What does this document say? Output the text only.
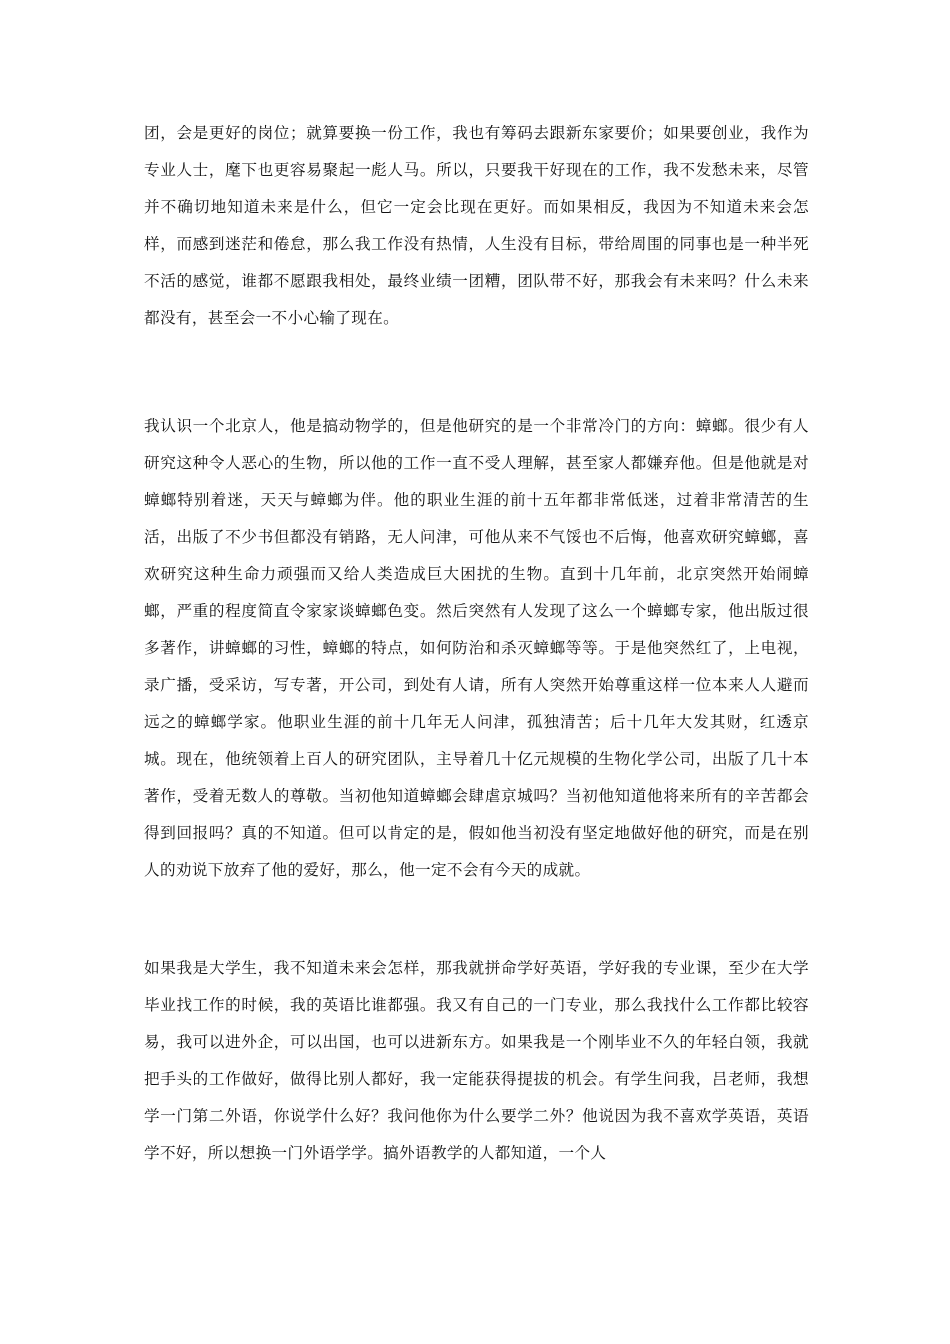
团，会是更好的岗位；就算要换一份工作，我也有筹码去跟新东家要价；如果要创业，我作为专业人士，麾下也更容易聚起一彪人马。所以，只要我干好现在的工作，我不发愁未来，尽管并不确切地知道未来是什么，但它一定会比现在更好。而如果相反，我因为不知道未来会怎样，而感到迷茫和倦怠，那么我工作没有热情，人生没有目标，带给周围的同事也是一种半死不活的感觉，谁都不愿跟我相处，最终业绩一团糟，团队带不好，那我会有未来吗？什么未来都没有，甚至会一不小心输了现在。

我认识一个北京人，他是搞动物学的，但是他研究的是一个非常冷门的方向：蟑螂。很少有人研究这种令人恶心的生物，所以他的工作一直不受人理解，甚至家人都嫌弃他。但是他就是对蟑螂特别着迷，天天与蟑螂为伴。他的职业生涯的前十五年都非常低迷，过着非常清苦的生活，出版了不少书但都没有销路，无人问津，可他从来不气馁也不后悔，他喜欢研究蟑螂，喜欢研究这种生命力顽强而又给人类造成巨大困扰的生物。直到十几年前，北京突然开始闹蟑螂，严重的程度简直令家家谈蟑螂色变。然后突然有人发现了这么一个蟑螂专家，他出版过很多著作，讲蟑螂的习性，蟑螂的特点，如何防治和杀灭蟑螂等等。于是他突然红了，上电视，录广播，受采访，写专著，开公司，到处有人请，所有人突然开始尊重这样一位本来人人避而远之的蟑螂学家。他职业生涯的前十几年无人问津，孤独清苦；后十几年大发其财，红透京城。现在，他统领着上百人的研究团队，主导着几十亿元规模的生物化学公司，出版了几十本著作，受着无数人的尊敬。当初他知道蟑螂会肆虐京城吗？当初他知道他将来所有的辛苦都会得到回报吗？真的不知道。但可以肯定的是，假如他当初没有坚定地做好他的研究，而是在别人的劝说下放弃了他的爱好，那么，他一定不会有今天的成就。

如果我是大学生，我不知道未来会怎样，那我就拼命学好英语，学好我的专业课，至少在大学毕业找工作的时候，我的英语比谁都强。我又有自己的一门专业，那么我找什么工作都比较容易，我可以进外企，可以出国，也可以进新东方。如果我是一个刚毕业不久的年轻白领，我就把手头的工作做好，做得比别人都好，我一定能获得提拔的机会。有学生问我，吕老师，我想学一门第二外语，你说学什么好？我问他你为什么要学二外？他说因为我不喜欢学英语，英语学不好，所以想换一门外语学学。搞外语教学的人都知道，一个人
